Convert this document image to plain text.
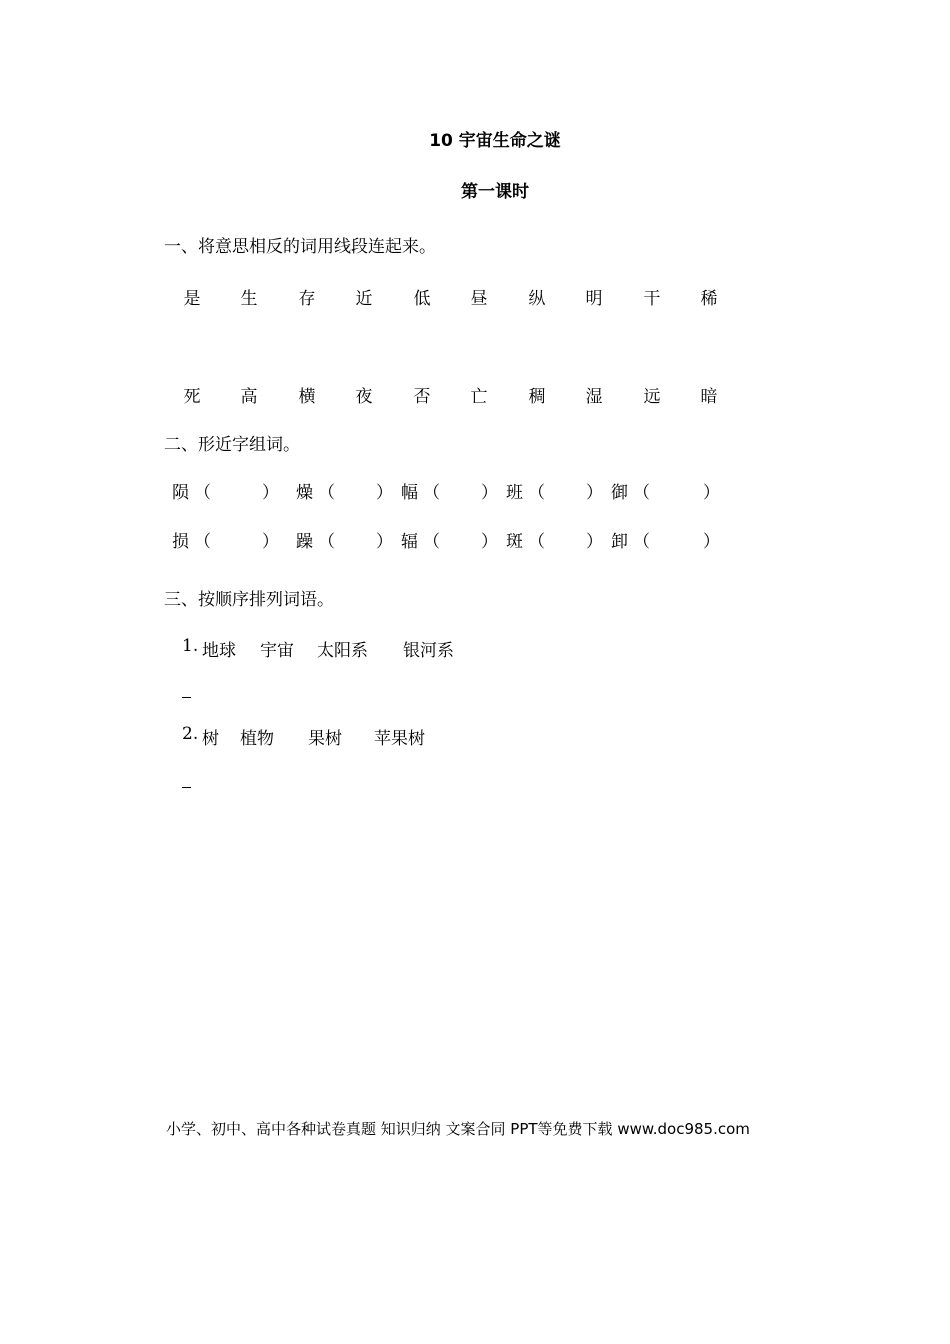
10 宇宙生命之谜
第一课时
一、将意思相反的词用线段连起来。
是 生 存 近 低 昼 纵 明 干 稀
死 高 横 夜 否 亡 稠 湿 远 暗
二、形近字组词。
陨 （	） 燥 （ ） 幅 （ ） 班 （ ） 御 （	）
损 （	） 躁 （ ） 辐 （ ） 斑 （ ） 卸 （	）
三、按顺序排列词语。
1. 地球 宇宙 太阳系 银河系
2. 树 植物 果树 苹果树
小学、初中、高中各种试卷真题 知识归纳 文案合同 PPT等免费下载 www.doc985.com
